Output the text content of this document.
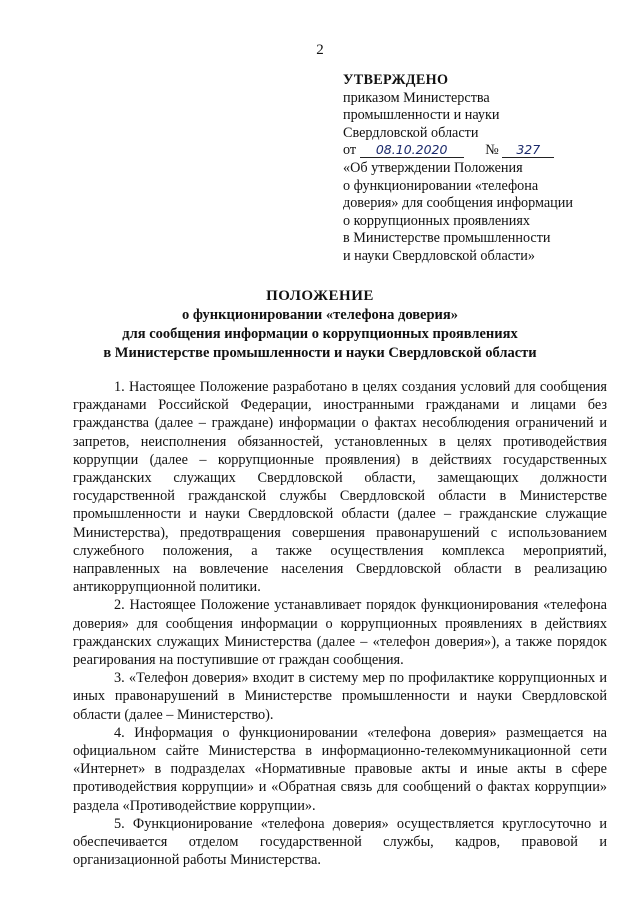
2
УТВЕРЖДЕНО
приказом Министерства
промышленности и науки
Свердловской области
от 08.10.2020	№ 327
«Об утверждении Положения
о функционировании «телефона
доверия» для сообщения информации
о коррупционных проявлениях
в Министерстве промышленности
и науки Свердловской области»
ПОЛОЖЕНИЕ
о функционировании «телефона доверия»
для сообщения информации о коррупционных проявлениях
в Министерстве промышленности и науки Свердловской области

1. Настоящее Положение разработано в целях создания условий для сообщения гражданами Российской Федерации, иностранными гражданами и лицами без гражданства (далее – граждане) информации о фактах несоблюдения ограничений и запретов, неисполнения обязанностей, установленных в целях противодействия коррупции (далее – коррупционные проявления) в действиях государственных гражданских служащих Свердловской области, замещающих должности государственной гражданской службы Свердловской области в Министерстве промышленности и науки Свердловской области (далее – гражданские служащие Министерства), предотвращения совершения правонарушений с использованием служебного положения, а также осуществления комплекса мероприятий, направленных на вовлечение населения Свердловской области в реализацию антикоррупционной политики.

2. Настоящее Положение устанавливает порядок функционирования «телефона доверия» для сообщения информации о коррупционных проявлениях в действиях гражданских служащих Министерства (далее – «телефон доверия»), а также порядок реагирования на поступившие от граждан сообщения.

3. «Телефон доверия» входит в систему мер по профилактике коррупционных и иных правонарушений в Министерстве промышленности и науки Свердловской области (далее – Министерство).

4. Информация о функционировании «телефона доверия» размещается на официальном сайте Министерства в информационно-телекоммуникационной сети «Интернет» в подразделах «Нормативные правовые акты и иные акты в сфере противодействия коррупции» и «Обратная связь для сообщений о фактах коррупции» раздела «Противодействие коррупции».

5. Функционирование «телефона доверия» осуществляется круглосуточно и обеспечивается отделом государственной службы, кадров, правовой и организационной работы Министерства.
